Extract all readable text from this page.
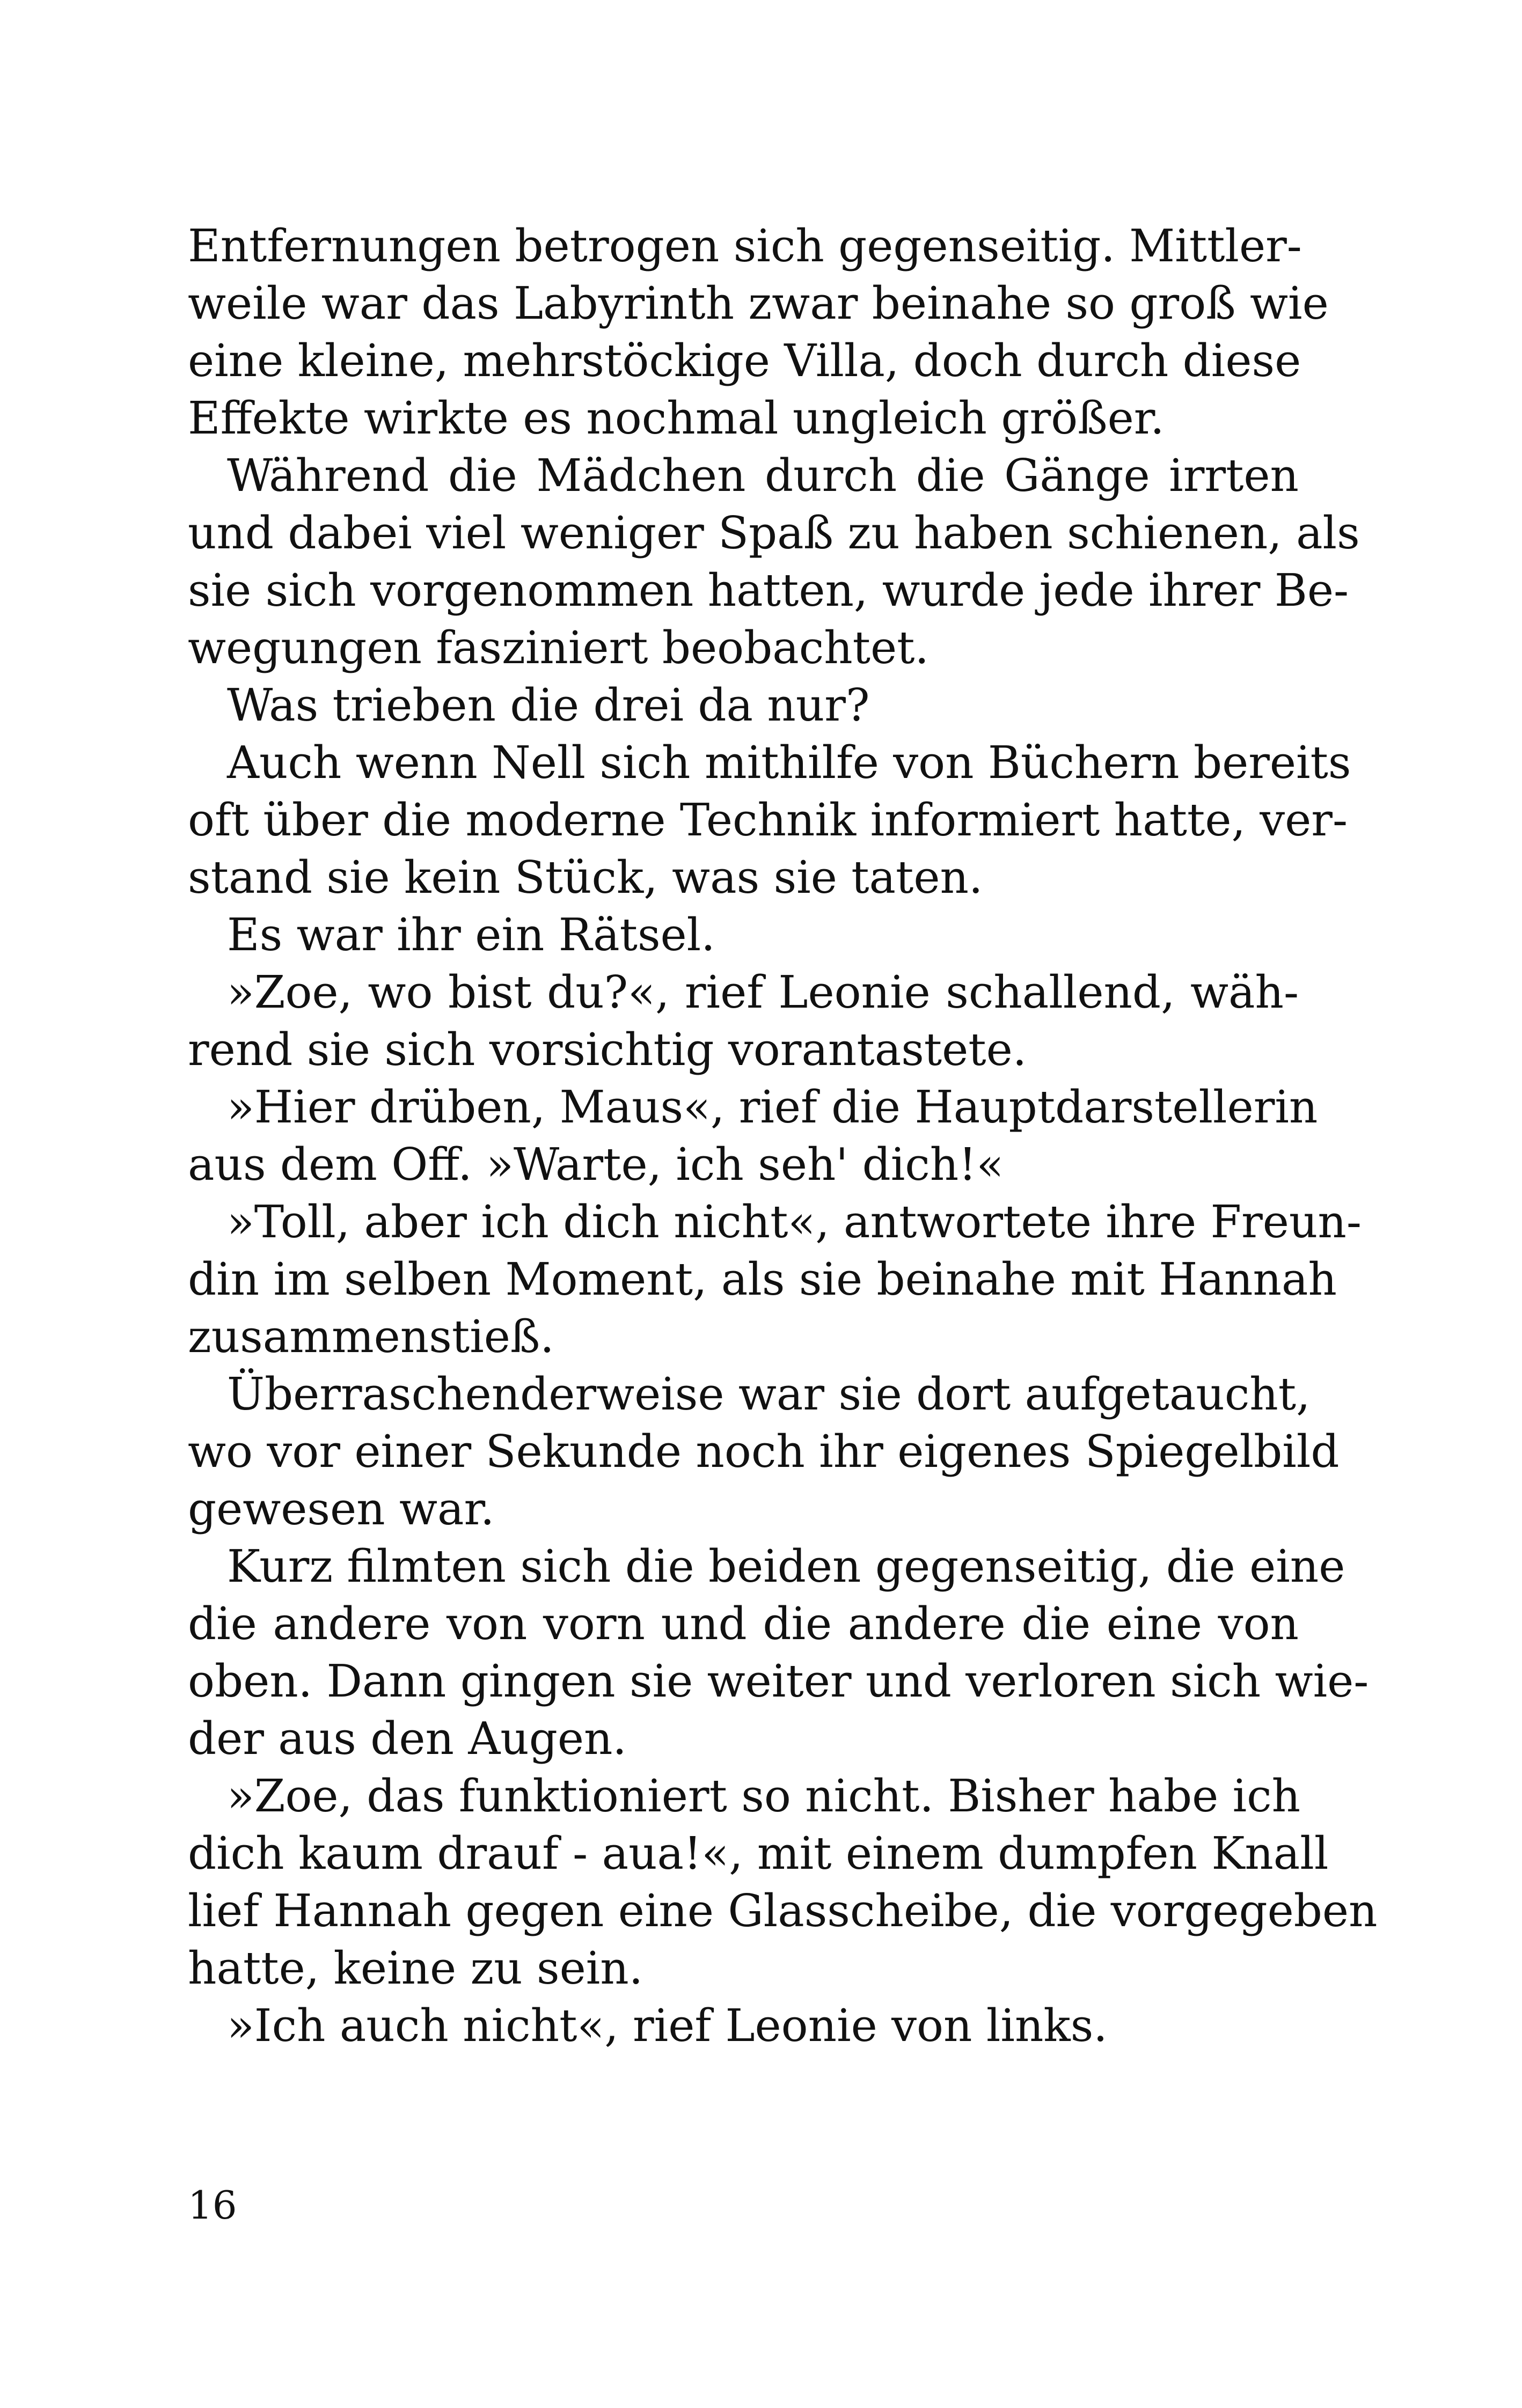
Entfernungen betrogen sich gegenseitig. Mittler-
weile war das Labyrinth zwar beinahe so groß wie
eine kleine, mehrstöckige Villa, doch durch diese
Effekte wirkte es nochmal ungleich größer.
Während die Mädchen durch die Gänge irrten
und dabei viel weniger Spaß zu haben schienen, als
sie sich vorgenommen hatten, wurde jede ihrer Be-
wegungen fasziniert beobachtet.
Was trieben die drei da nur?
Auch wenn Nell sich mithilfe von Büchern bereits
oft über die moderne Technik informiert hatte, ver-
stand sie kein Stück, was sie taten.
Es war ihr ein Rätsel.
»Zoe, wo bist du?«, rief Leonie schallend, wäh-
rend sie sich vorsichtig vorantastete.
»Hier drüben, Maus«, rief die Hauptdarstellerin
aus dem Off. »Warte, ich seh' dich!«
»Toll, aber ich dich nicht«, antwortete ihre Freun-
din im selben Moment, als sie beinahe mit Hannah
zusammenstieß.
Überraschenderweise war sie dort aufgetaucht,
wo vor einer Sekunde noch ihr eigenes Spiegelbild
gewesen war.
Kurz filmten sich die beiden gegenseitig, die eine
die andere von vorn und die andere die eine von
oben. Dann gingen sie weiter und verloren sich wie-
der aus den Augen.
»Zoe, das funktioniert so nicht. Bisher habe ich
dich kaum drauf - aua!«, mit einem dumpfen Knall
lief Hannah gegen eine Glasscheibe, die vorgegeben
hatte, keine zu sein.
»Ich auch nicht«, rief Leonie von links.
16
